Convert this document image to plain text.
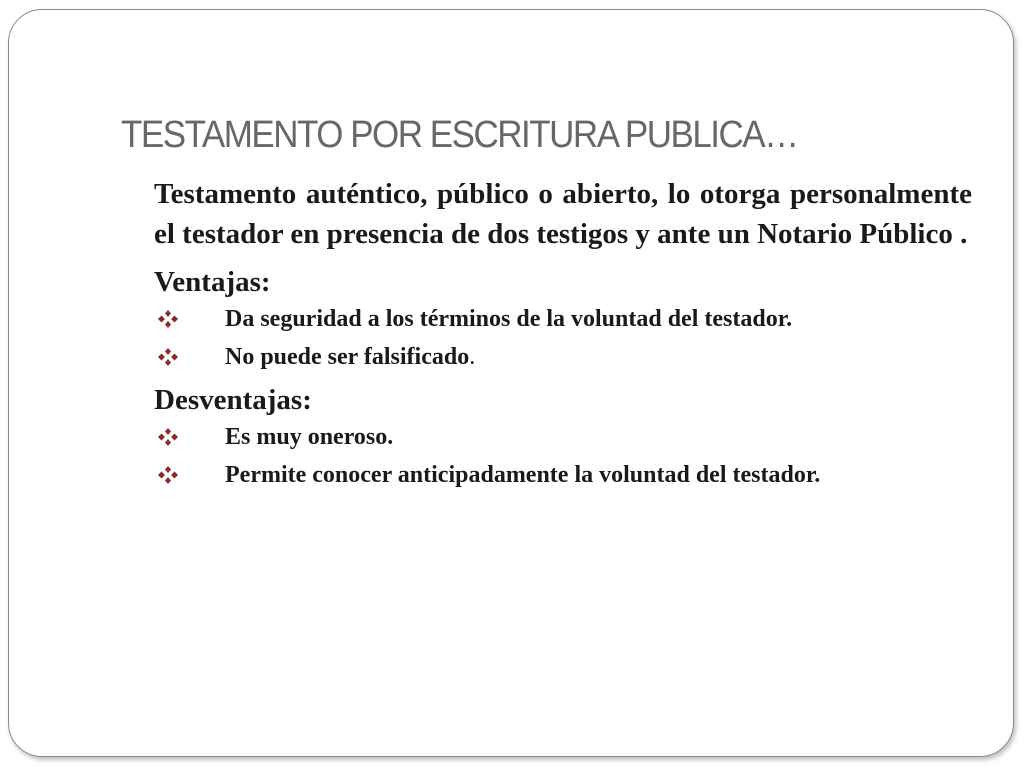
TESTAMENTO POR ESCRITURA PUBLICA…

Testamento auténtico, público o abierto, lo otorga personalmente el testador en presencia de dos testigos y ante un Notario Público .

Ventajas:
Da seguridad a los términos de la voluntad del testador.
No puede ser falsificado.
Desventajas:
Es muy oneroso.
Permite conocer anticipadamente la voluntad del testador.
